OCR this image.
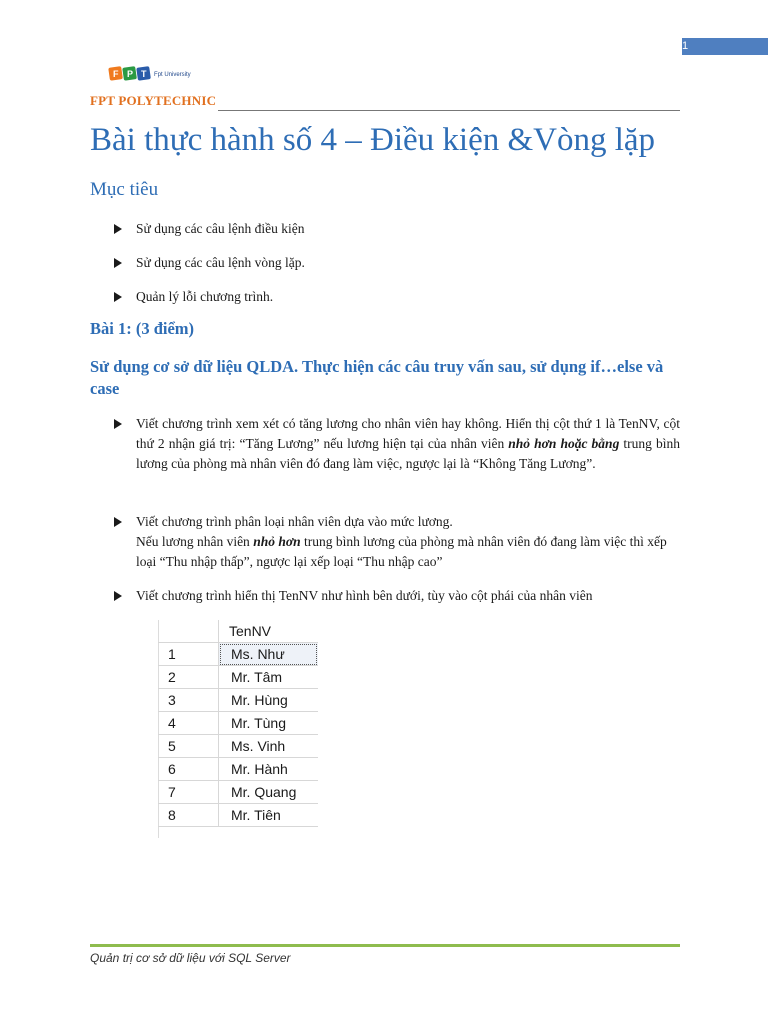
1
F P T Fpt University
FPT POLYTECHNIC
Bài thực hành số 4 – Điều kiện &Vòng lặp
Mục tiêu
Sử dụng các câu lệnh điều kiện
Sử dụng các câu lệnh vòng lặp.
Quản lý lỗi chương trình.
Bài 1: (3 điểm)
Sử dụng cơ sở dữ liệu QLDA. Thực hiện các câu truy vấn sau, sử dụng if…else và case
Viết chương trình xem xét có tăng lương cho nhân viên hay không. Hiển thị cột thứ 1 là TenNV, cột thứ 2 nhận giá trị: “Tăng Lương” nếu lương hiện tại của nhân viên nhỏ hơn hoặc bằng trung bình lương của phòng mà nhân viên đó đang làm việc, ngược lại là “Không Tăng Lương”.
Viết chương trình phân loại nhân viên dựa vào mức lương.
Nếu lương nhân viên nhỏ hơn trung bình lương của phòng mà nhân viên đó đang làm việc thì xếp loại “Thu nhập thấp”, ngược lại xếp loại “Thu nhập cao”
Viết chương trình hiển thị TenNV như hình bên dưới, tùy vào cột phái của nhân viên
	TenNV
1	Ms. Như
2	Mr. Tâm
3	Mr. Hùng
4	Mr. Tùng
5	Ms. Vinh
6	Mr. Hành
7	Mr. Quang
8	Mr. Tiên
Quản trị cơ sở dữ liệu với SQL Server
